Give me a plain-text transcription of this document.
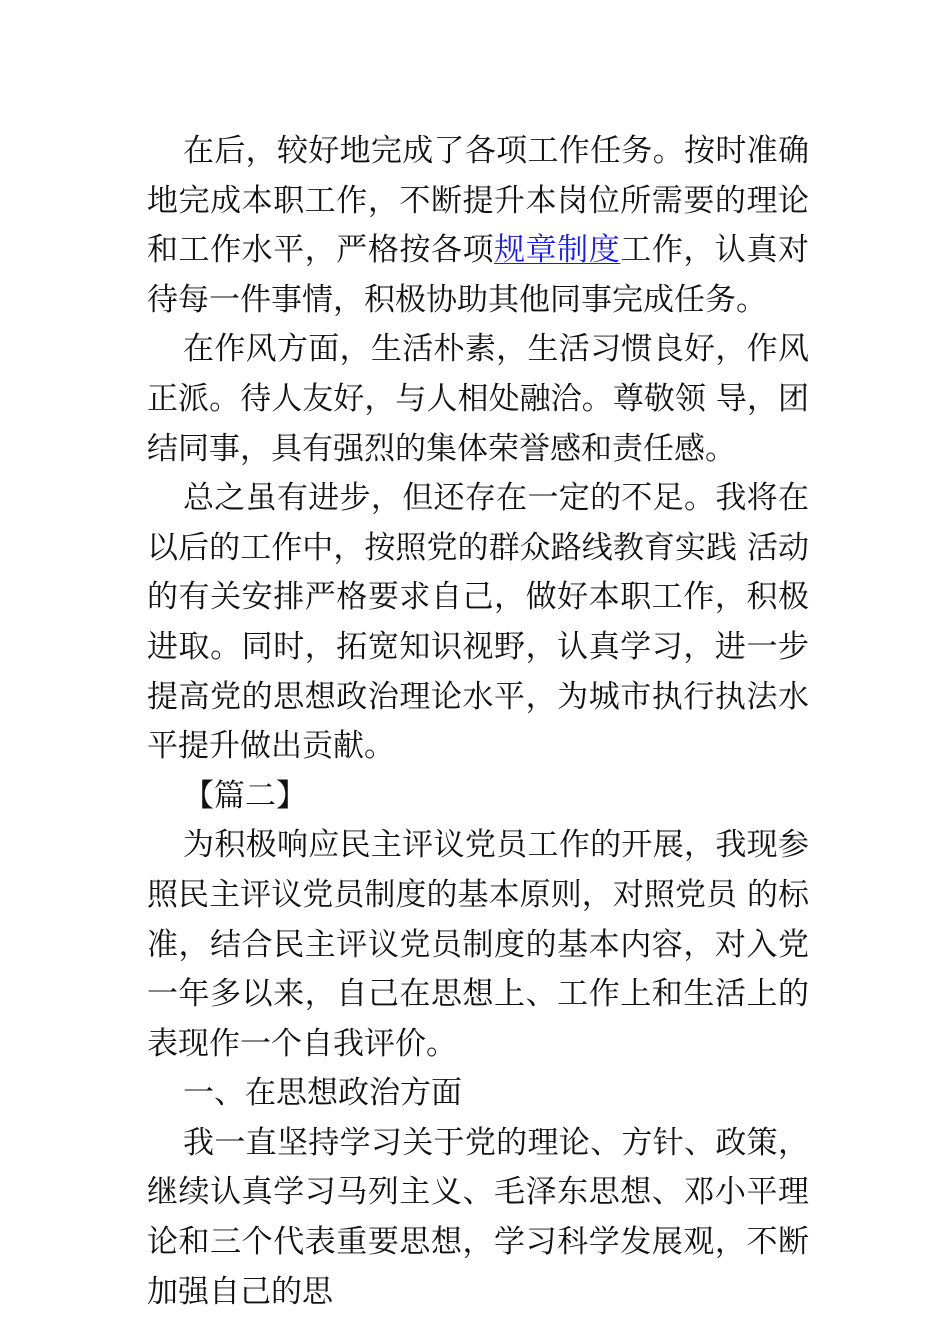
在后，较好地完成了各项工作任务。按时准确地完成本职工作，不断提升本岗位所需要的理论 和工作水平，严格按各项规章制度工作，认真对待每一件事情，积极协助其他同事完成任务。

在作风方面，生活朴素，生活习惯良好，作风正派。待人友好，与人相处融洽。尊敬领 导，团结同事，具有强烈的集体荣誉感和责任感。

总之虽有进步，但还存在一定的不足。我将在以后的工作中，按照党的群众路线教育实践 活动的有关安排严格要求自己，做好本职工作，积极进取。同时，拓宽知识视野，认真学习，进一步提高党的思想政治理论水平，为城市执行执法水平提升做出贡献。

【篇二】

为积极响应民主评议党员工作的开展，我现参照民主评议党员制度的基本原则，对照党员 的标准，结合民主评议党员制度的基本内容，对入党一年多以来，自己在思想上、工作上和生活上的表现作一个自我评价。

一、在思想政治方面

我一直坚持学习关于党的理论、方针、政策，继续认真学习马列主义、毛泽东思想、邓小平理论和三个代表重要思想，学习科学发展观，不断加强自己的思
